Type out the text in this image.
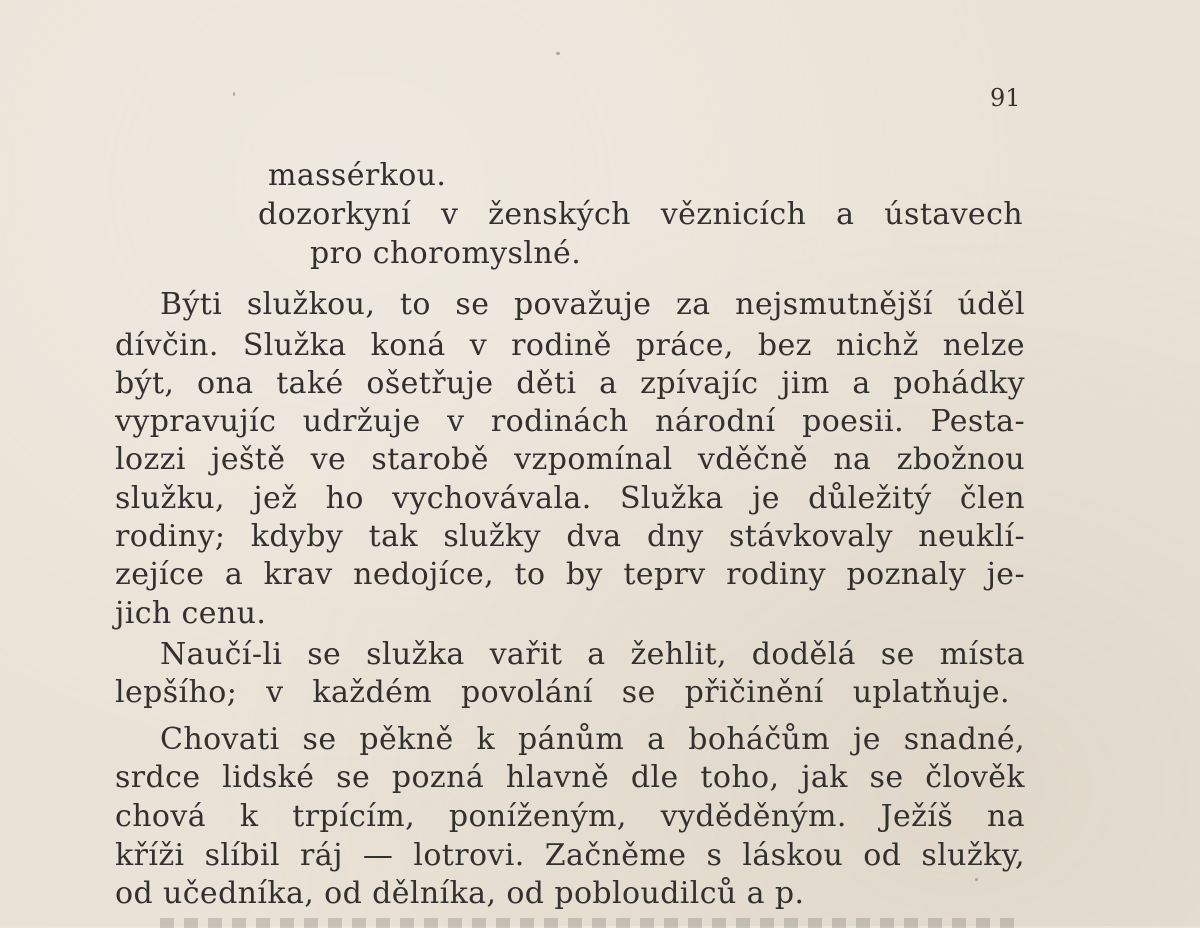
91
massérkou.
dozorkyní v ženských věznicích a ústavech
pro choromyslné.
Býti služkou, to se považuje za nejsmutnější úděl
dívčin. Služka koná v rodině práce, bez nichž nelze
být, ona také ošetřuje děti a zpívajíc jim a pohádky
vypravujíc udržuje v rodinách národní poesii. Pesta-
lozzi ještě ve starobě vzpomínal vděčně na zbožnou
služku, jež ho vychovávala. Služka je důležitý člen
rodiny; kdyby tak služky dva dny stávkovaly neuklí-
zejíce a krav nedojíce, to by teprv rodiny poznaly je-
jich cenu.
Naučí-li se služka vařit a žehlit, dodělá se místa
lepšího; v každém povolání se přičinění uplatňuje.
Chovati se pěkně k pánům a boháčům je snadné,
srdce lidské se pozná hlavně dle toho, jak se člověk
chová k trpícím, poníženým, vyděděným. Ježíš na
kříži slíbil ráj — lotrovi. Začněme s láskou od služky,
od učedníka, od dělníka, od pobloudilců a p.
